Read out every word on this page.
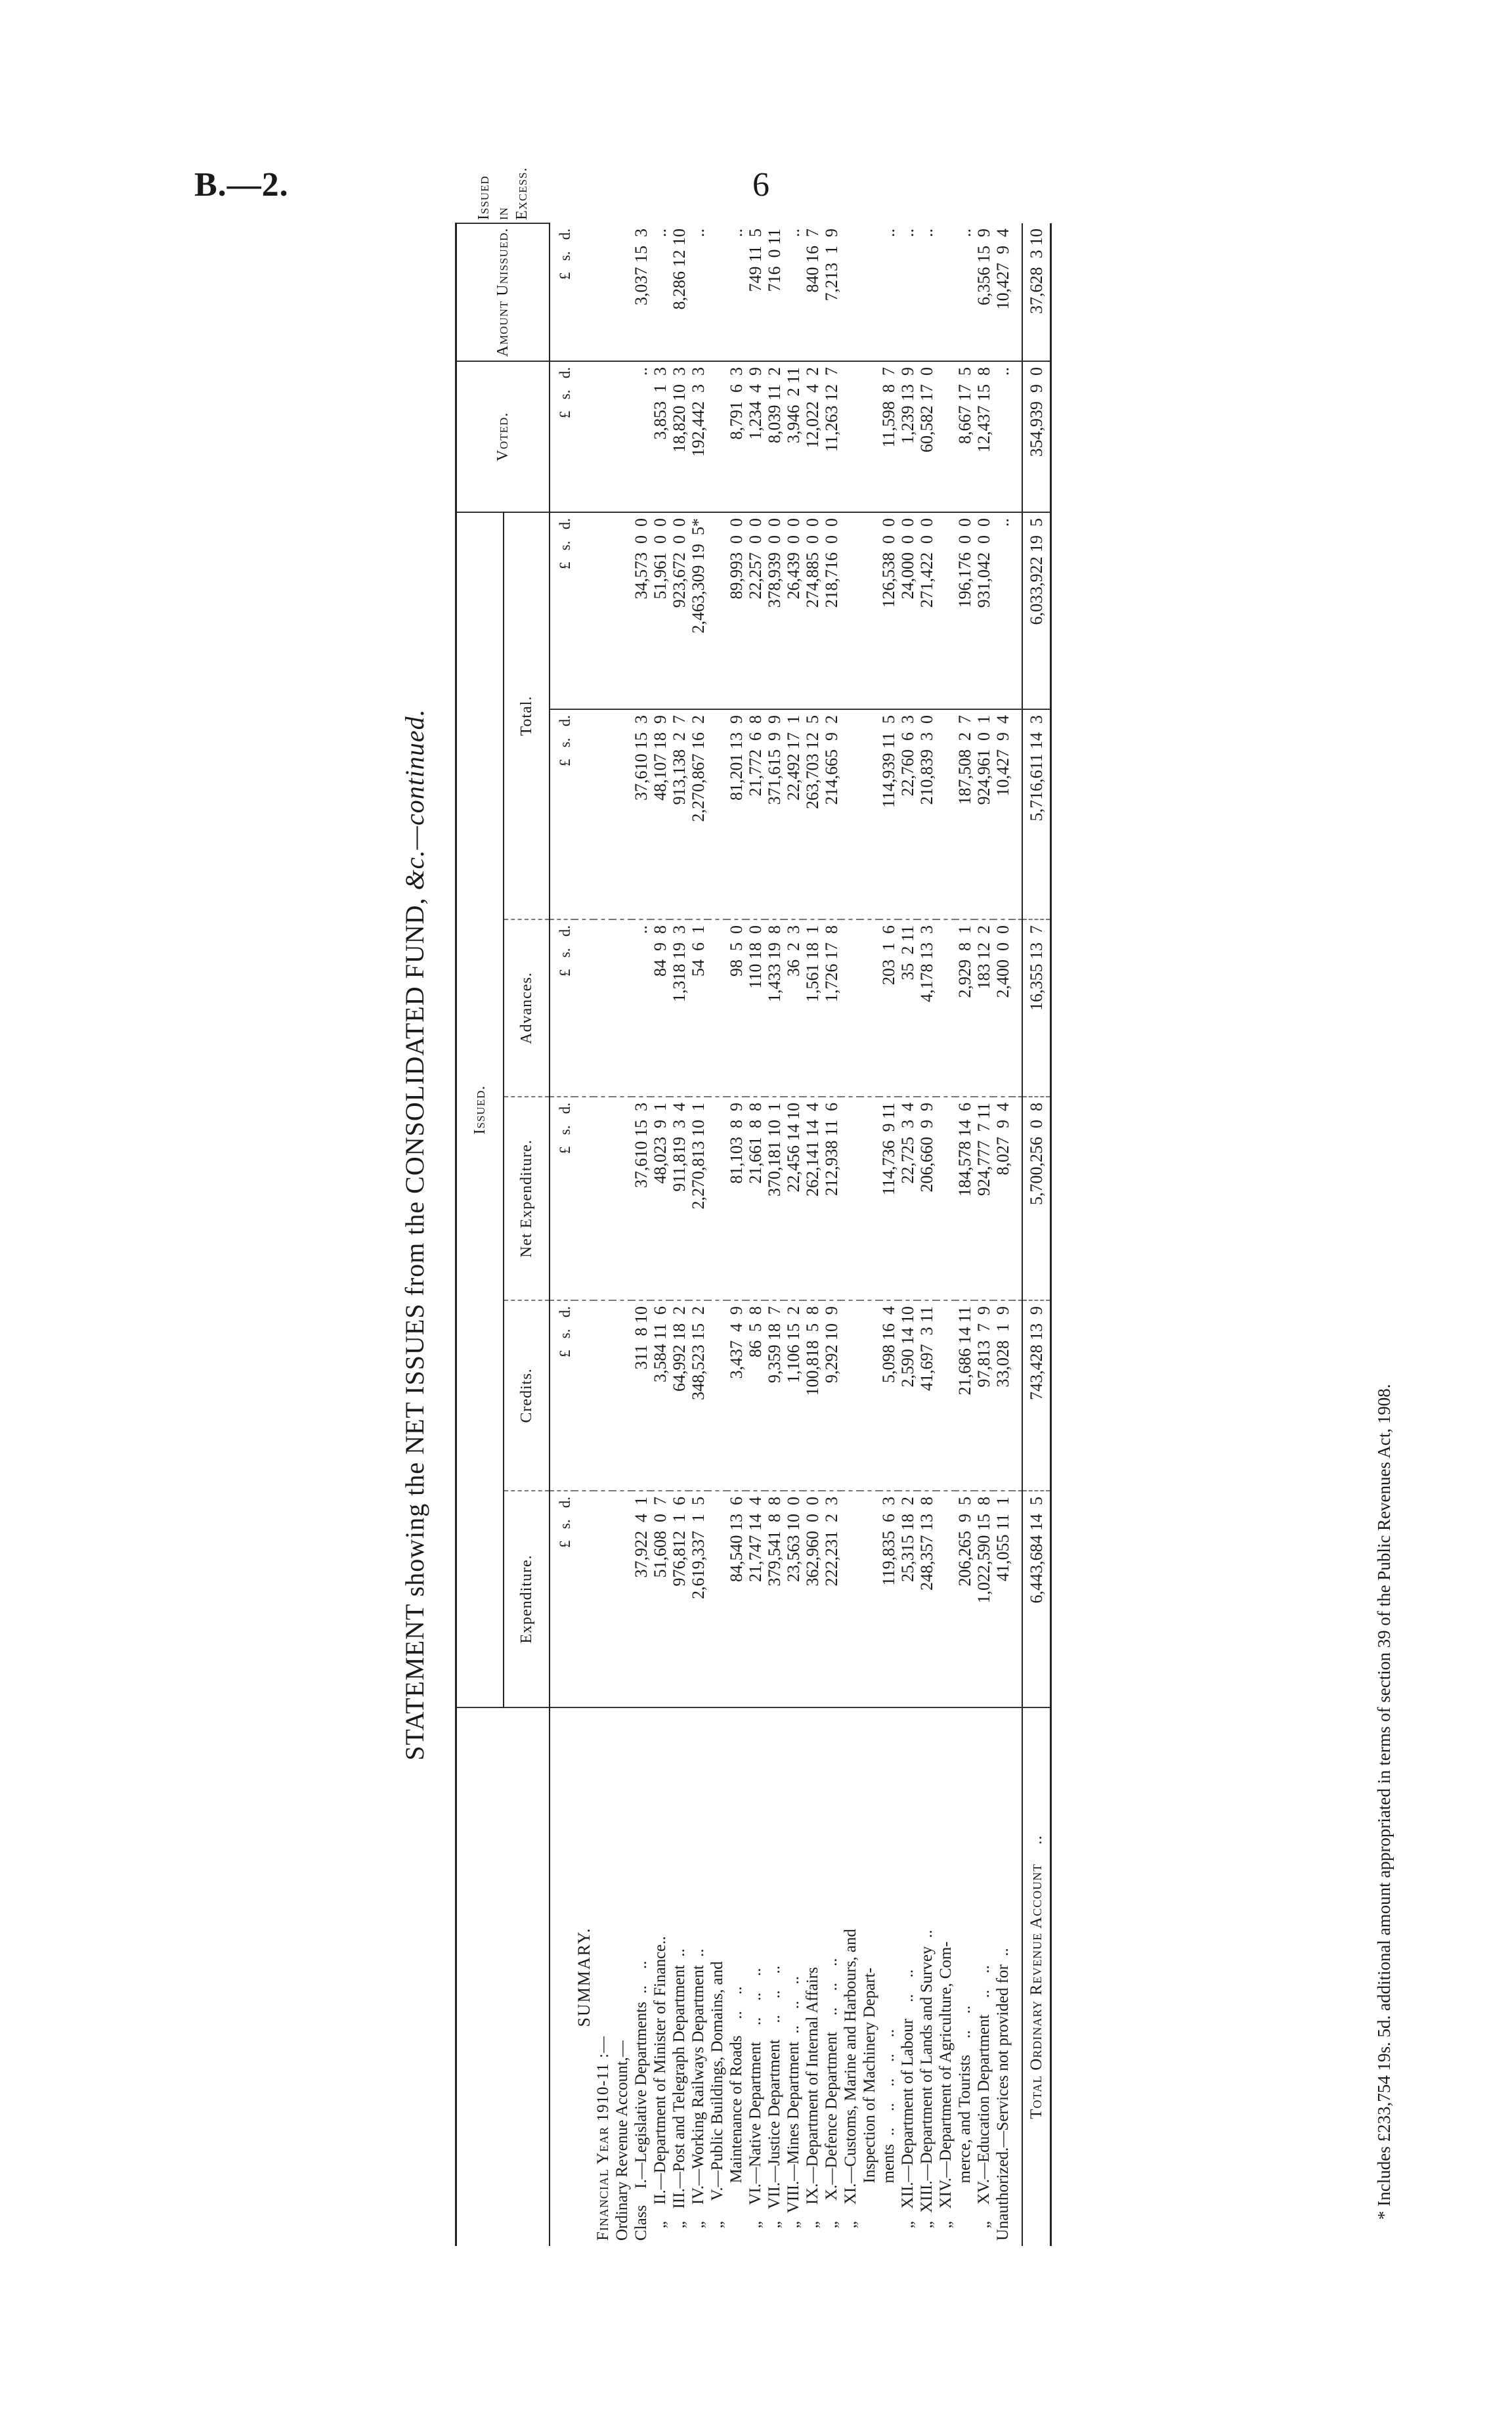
B.—2.	6
STATEMENT showing the NET ISSUES from the CONSOLIDATED FUND, &c.—continued.
	Issued.						Voted.	Amount Unissued.	Issued in Excess.
	Expenditure.	Credits.	Net Expenditure.	Advances.	Total.				
	£   s.   d.	£   s.   d.	£   s.   d.	£   s.   d.	£   s.   d.	£   s.   d.	£   s.   d.	£   s.   d.	
SUMMARY.									
Financial Year 1910-11 :—									
Ordinary Revenue Account,—									
Class    I.—Legislative Departments  ..    ..	37,922  4  1	311  8 10	37,610 15  3	..	37,610 15  3	34,573  0  0	..	3,037 15  3	
„    II.—Department of Minister of Finance..	51,608  0  7	3,584 11  6	48,023  9  1	84  9  8	48,107 18  9	51,961  0  0	3,853  1  3	..	
„   III.—Post and Telegraph Department  ..	976,812  1  6	64,992 18  2	911,819  3  4	1,318 19  3	913,138  2  7	923,672  0  0	18,820 10  3	8,286 12 10	
„    IV.—Working Railways Department  ..	2,619,337  1  5	348,523 15  2	2,270,813 10  1	54  6  1	2,270,867 16  2	2,463,309 19  5*	192,442  3  3	..	
„     V.—Public Buildings, Domains, and									
Maintenance of Roads    ..    ..	84,540 13  6	3,437  4  9	81,103  8  9	98  5  0	81,201 13  9	89,993  0  0	8,791  6  3	..	
„    VI.—Native Department    ..    ..    ..	21,747 14  4	86  5  8	21,661  8  8	110 18  0	21,772  6  8	22,257  0  0	1,234  4  9	749 11  5	
„   VII.—Justice Department    ..    ..    ..	379,541  8  8	9,359 18  7	370,181 10  1	1,433 19  8	371,615  9  9	378,939  0  0	8,039 11  2	716  0 11	
„  VIII.—Mines Department  ..    ..    ..	23,563 10  0	1,106 15  2	22,456 14 10	36  2  3	22,492 17  1	26,439  0  0	3,946  2 11	..	
„    IX.—Department of Internal Affairs	362,960  0  0	100,818  5  8	262,141 14  4	1,561 18  1	263,703 12  5	274,885  0  0	12,022  4  2	840 16  7	
„     X.—Defence Department    ..    ..    ..	222,231  2  3	9,292 10  9	212,938 11  6	1,726 17  8	214,665  9  2	218,716  0  0	11,263 12  7	7,213  1  9	
„    XI.—Customs, Marine and Harbours, and									
Inspection of Machinery Depart-									
ments  ..    ..    ..    ..    ..	119,835  6  3	5,098 16  4	114,736  9 11	203  1  6	114,939 11  5	126,538  0  0	11,598  8  7	..	
„   XII.—Department of Labour    ..    ..	25,315 18  2	2,590 14 10	22,725  3  4	35  2 11	22,760  6  3	24,000  0  0	1,239 13  9	..	
„  XIII.—Department of Lands and Survey  ..	248,357 13  8	41,697  3 11	206,660  9  9	4,178 13  3	210,839  3  0	271,422  0  0	60,582 17  0	..	
„   XIV.—Department of Agriculture, Com-									
merce, and Tourists    ..    ..	206,265  9  5	21,686 14 11	184,578 14  6	2,929  8  1	187,508  2  7	196,176  0  0	8,667 17  5	..	
„    XV.—Education Department    ..    ..	1,022,590 15  8	97,813  7  9	924,777  7 11	183 12  2	924,961  0  1	931,042  0  0	12,437 15  8	6,356 15  9	
Unauthorized.—Services not provided for  ..	41,055 11  1	33,028  1  9	8,027  9  4	2,400  0  0	10,427  9  4	..	..	10,427  9  4	

Total Ordinary Revenue Account    ..	6,443,684 14  5	743,428 13  9	5,700,256  0  8	16,355 13  7	5,716,611 14  3	6,033,922 19  5	354,939  9  0	37,628  3 10	
* Includes £233,754 19s. 5d. additional amount appropriated in terms of section 39 of the Public Revenues Act, 1908.
